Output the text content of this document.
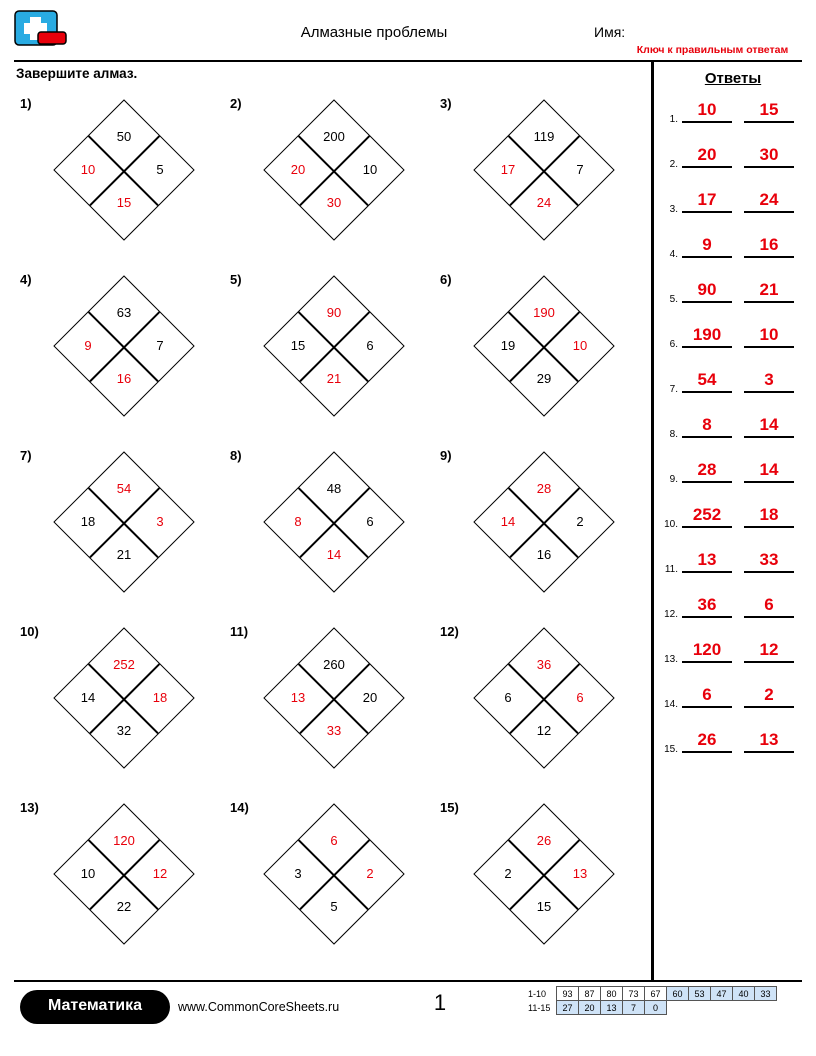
Алмазные проблемы	Имя:
Ключ к правильным ответам
Завершите алмаз.
1)
50
10	5
15
2)
200
20	10
30
3)
119
17	7
24
4)
63
9	7
16
5)
90
15	6
21
6)
190
19	10
29
7)
54
18	3
21
8)
48
8	6
14
9)
28
14	2
16
10)
252
14	18
32
11)
260
13	20
33
12)
36
6	6
12
13)
120
10	12
22
14)
6
3	2
5
15)
26
2	13
15
Ответы
1.
10	15
2.
20	30
3.
17	24
4.
9	16
5.
90	21
6.
190	10
7.
54	3
8.
8	14
9.
28	14
10.
252	18
11.
13	33
12.
36	6
13.
120	12
14.
6	2
15.
26	13
Математика	www.CommonCoreSheets.ru	1	1-10	93	87	80	73	67	60	53	47	40	33
11-15	27	20	13	7	0					
